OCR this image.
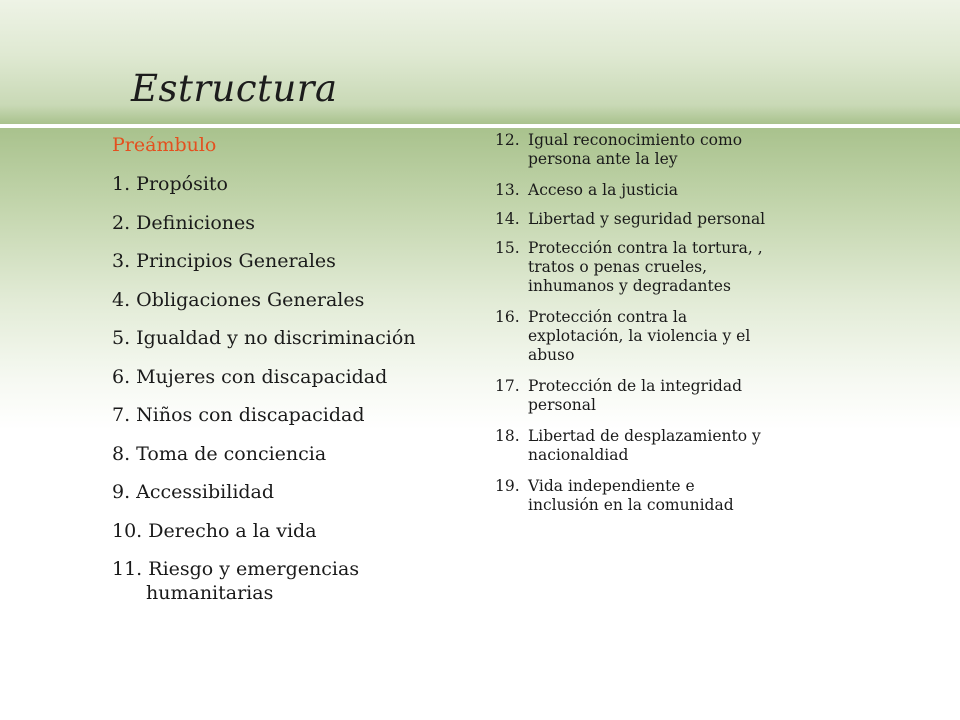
Estructura
Preámbulo
1. Propósito
2. Definiciones
3. Principios Generales
4. Obligaciones Generales
5. Igualdad y no discriminación
6. Mujeres con discapacidad
7. Niños con discapacidad
8. Toma de conciencia
9. Accessibilidad
10. Derecho a la vida
11. Riesgo y emergencias
humanitarias
12. Igual reconocimiento como
persona ante la ley
13. Acceso a la justicia
14. Libertad y seguridad personal
15. Protección contra la tortura, ,
tratos o penas crueles,
inhumanos y degradantes
16. Protección contra la
explotación, la violencia y el
abuso
17. Protección de la integridad
personal
18. Libertad de desplazamiento y
nacionaldiad
19. Vida independiente e
inclusión en la comunidad
